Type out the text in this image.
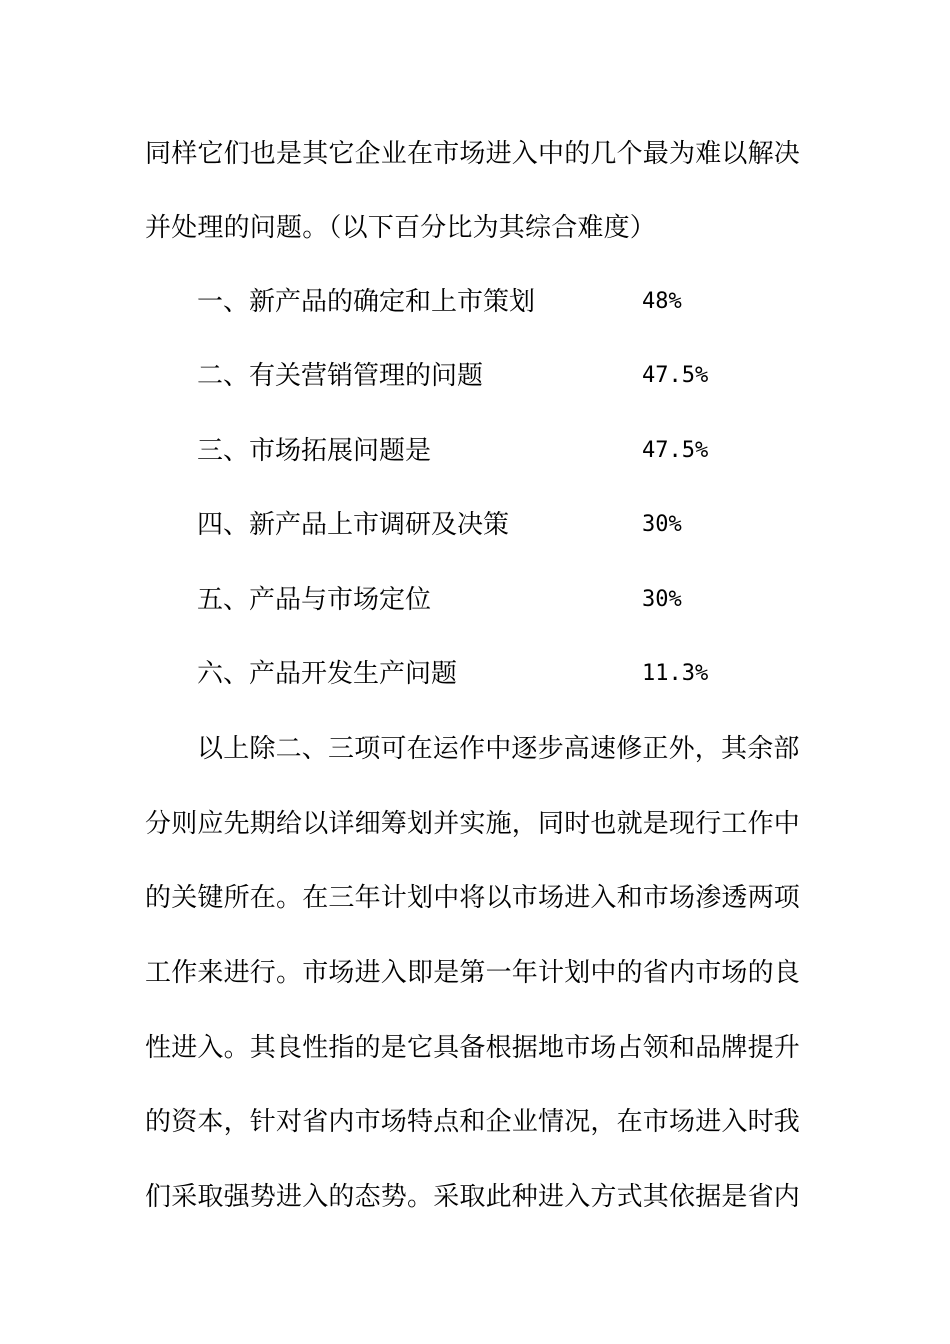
同样它们也是其它企业在市场进入中的几个最为难以解决
并处理的问题。（以下百分比为其综合难度）
一、新产品的确定和上市策划	48%
二、有关营销管理的问题	47.5%
三、市场拓展问题是	47.5%
四、新产品上市调研及决策	30%
五、产品与市场定位	30%
六、产品开发生产问题	11.3%
以上除二、三项可在运作中逐步高速修正外，其余部
分则应先期给以详细筹划并实施，同时也就是现行工作中
的关键所在。在三年计划中将以市场进入和市场渗透两项
工作来进行。市场进入即是第一年计划中的省内市场的良
性进入。其良性指的是它具备根据地市场占领和品牌提升
的资本，针对省内市场特点和企业情况，在市场进入时我
们采取强势进入的态势。采取此种进入方式其依据是省内
